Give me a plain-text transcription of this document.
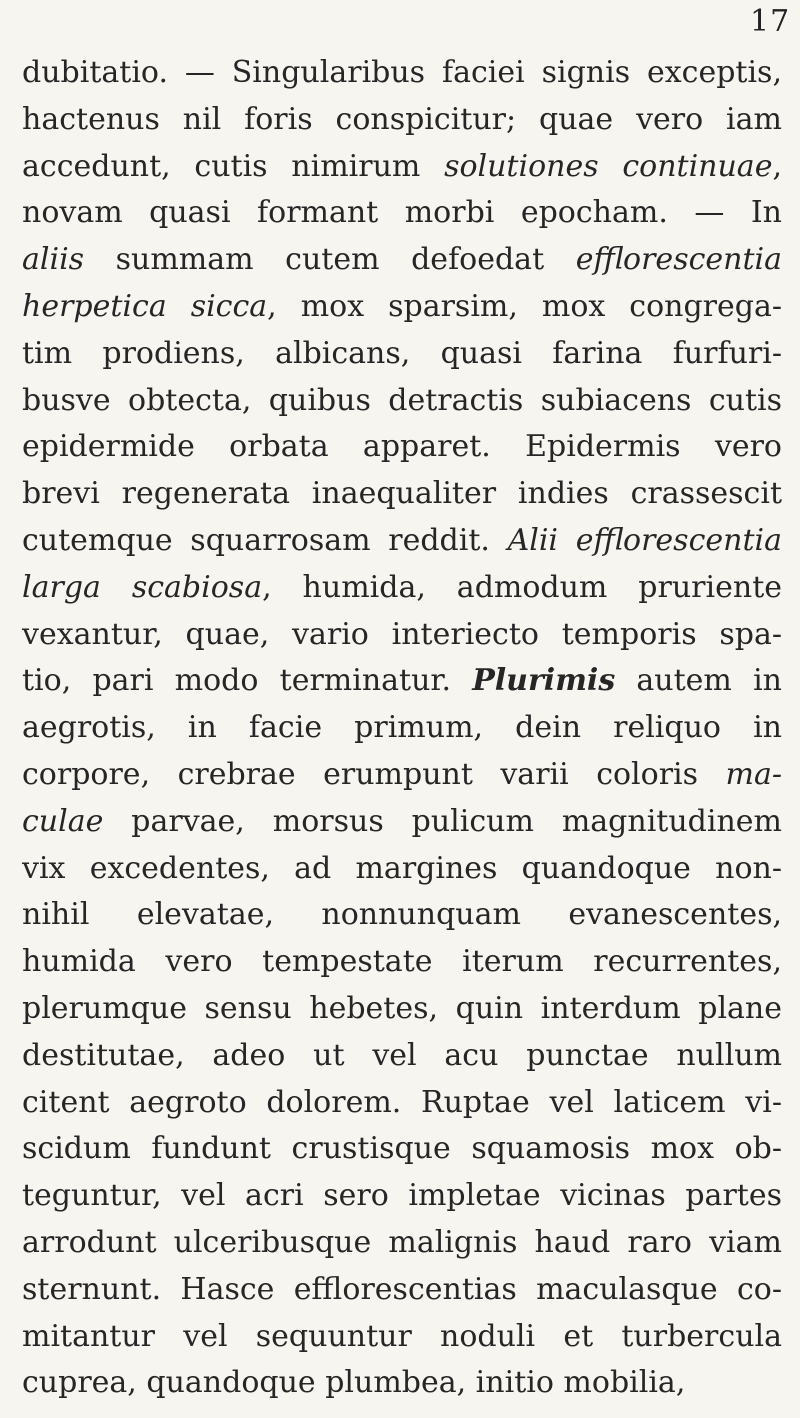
17
dubitatio. — Singularibus faciei signis exceptis,
hactenus nil foris conspicitur; quae vero iam
accedunt, cutis nimirum solutiones continuae,
novam quasi formant morbi epocham. — In
aliis summam cutem defoedat efflorescentia
herpetica sicca, mox sparsim, mox congrega-
tim prodiens, albicans, quasi farina furfuri-
busve obtecta, quibus detractis subiacens cutis
epidermide orbata apparet. Epidermis vero
brevi regenerata inaequaliter indies crassescit
cutemque squarrosam reddit. Alii efflorescentia
larga scabiosa, humida, admodum pruriente
vexantur, quae, vario interiecto temporis spa-
tio, pari modo terminatur. Plurimis autem in
aegrotis, in facie primum, dein reliquo in
corpore, crebrae erumpunt varii coloris ma-
culae parvae, morsus pulicum magnitudinem
vix excedentes, ad margines quandoque non-
nihil elevatae, nonnunquam evanescentes,
humida vero tempestate iterum recurrentes,
plerumque sensu hebetes, quin interdum plane
destitutae, adeo ut vel acu punctae nullum
citent aegroto dolorem. Ruptae vel laticem vi-
scidum fundunt crustisque squamosis mox ob-
teguntur, vel acri sero impletae vicinas partes
arrodunt ulceribusque malignis haud raro viam
sternunt. Hasce efflorescentias maculasque co-
mitantur vel sequuntur noduli et turbercula
cuprea, quandoque plumbea, initio mobilia,
